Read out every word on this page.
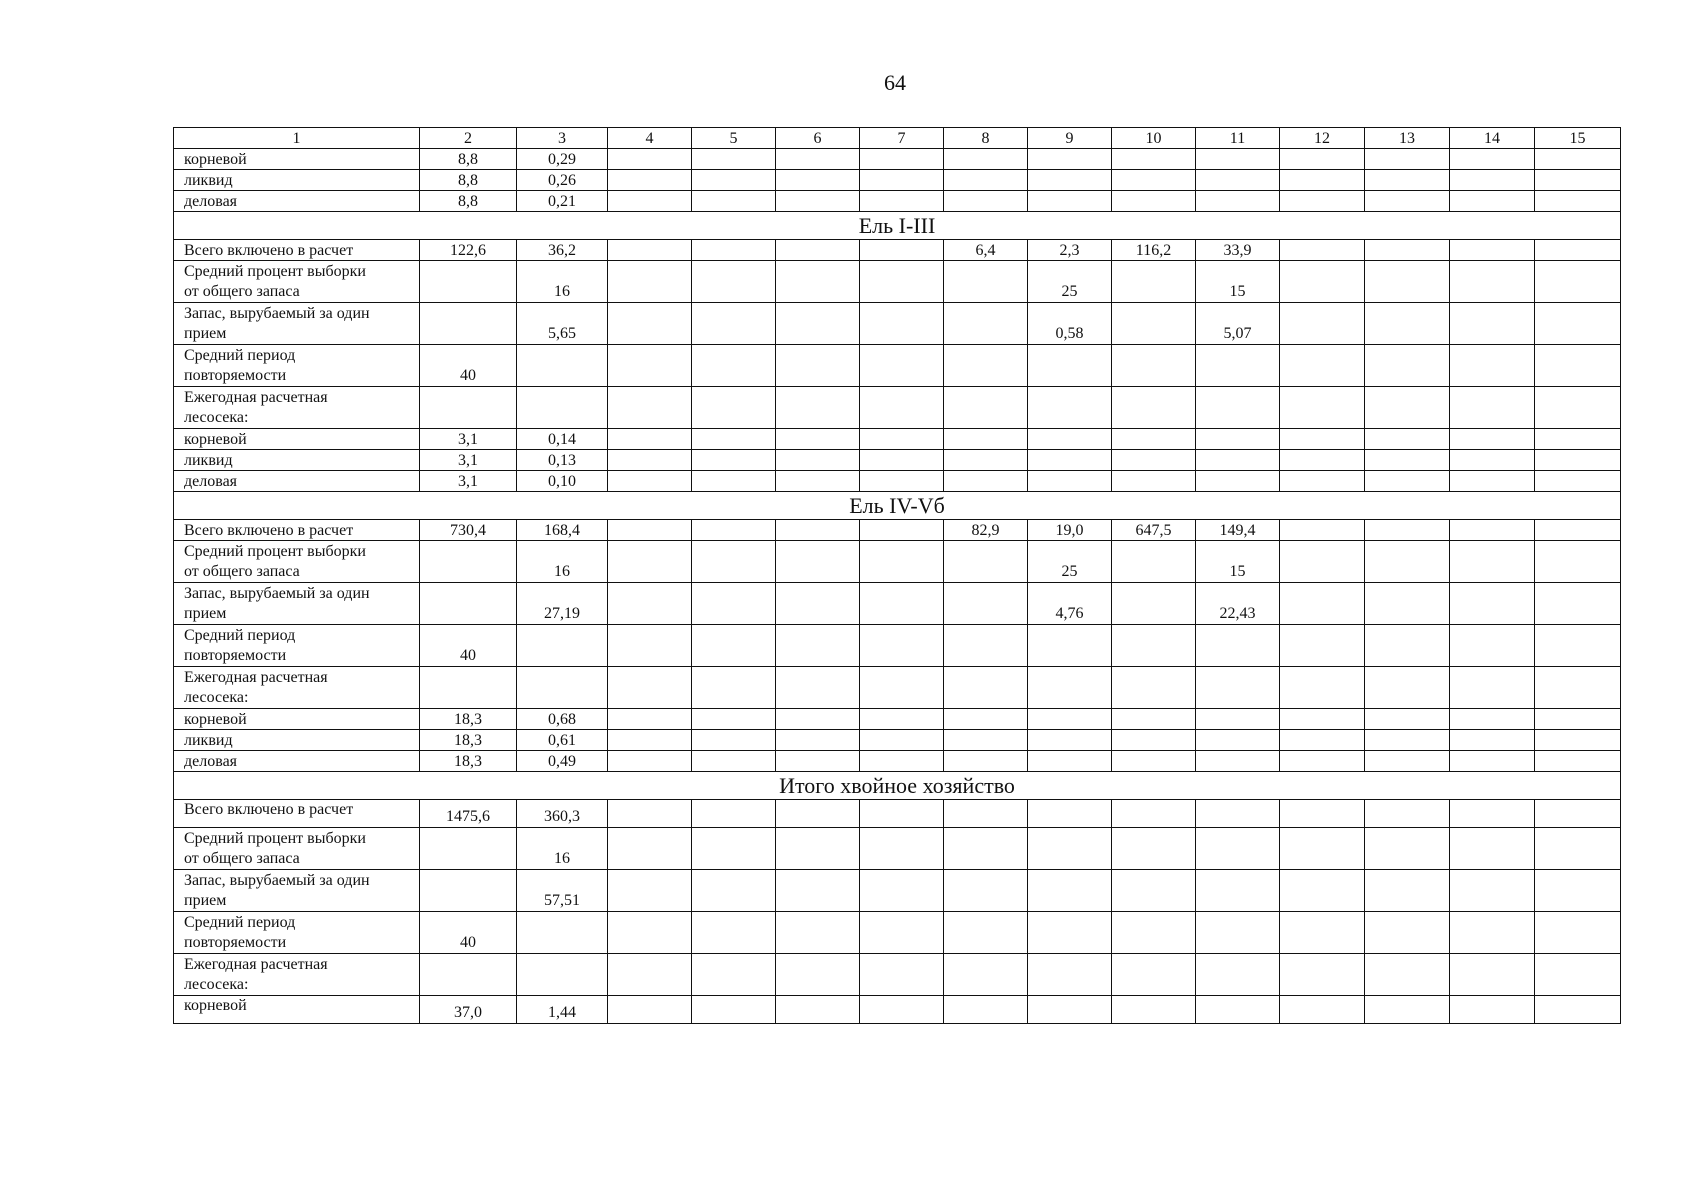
64
1	2	3	4	5	6	7	8	9	10	11	12	13	14	15
корневой	8,8	0,29												
ликвид	8,8	0,26												
деловая	8,8	0,21												
Ель I-III														
Всего включено в расчет	122,6	36,2					6,4	2,3	116,2	33,9				
Средний процент выборки
от общего запаса		16						25		15				
Запас, вырубаемый за один
прием		5,65						0,58		5,07				
Средний период
повторяемости	40													
Ежегодная расчетная
лесосека:														
корневой	3,1	0,14												
ликвид	3,1	0,13												
деловая	3,1	0,10												
Ель IV-Vб														
Всего включено в расчет	730,4	168,4					82,9	19,0	647,5	149,4				
Средний процент выборки
от общего запаса		16						25		15				
Запас, вырубаемый за один
прием		27,19						4,76		22,43				
Средний период
повторяемости	40													
Ежегодная расчетная
лесосека:														
корневой	18,3	0,68												
ликвид	18,3	0,61												
деловая	18,3	0,49												
Итого хвойное хозяйство														
Всего включено в расчет	1475,6	360,3												
Средний процент выборки
от общего запаса		16												
Запас, вырубаемый за один
прием		57,51												
Средний период
повторяемости	40													
Ежегодная расчетная
лесосека:														
корневой	37,0	1,44												
